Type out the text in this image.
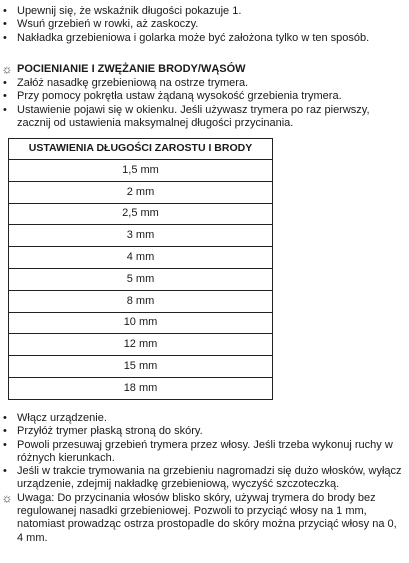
• Upewnij się, że wskaźnik długości pokazuje 1.
• Wsuń grzebień w rowki, aż zaskoczy.
• Nakładka grzebieniowa i golarka może być założona tylko w ten sposób.
☼ POCIENIANIE I ZWĘŻANIE BRODY/WĄSÓW
• Załóż nasadkę grzebieniową na ostrze trymera.
• Przy pomocy pokrętła ustaw żądaną wysokość grzebienia trymera.
• Ustawienie pojawi się w okienku. Jeśli używasz trymera po raz pierwszy, zacznij od ustawienia maksymalnej długości przycinania.
USTAWIENIA DŁUGOŚCI ZAROSTU I BRODY
1,5 mm
2 mm
2,5 mm
3 mm
4 mm
5 mm
8 mm
10 mm
12 mm
15 mm
18 mm
• Włącz urządzenie.
• Przyłóż trymer płaską stroną do skóry.
• Powoli przesuwaj grzebień trymera przez włosy. Jeśli trzeba wykonuj ruchy w różnych kierunkach.
• Jeśli w trakcie trymowania na grzebieniu nagromadzi się dużo włosków, wyłącz urządzenie, zdejmij nakładkę grzebieniową, wyczyść szczoteczką.
☼ Uwaga: Do przycinania włosów blisko skóry, używaj trymera do brody bez regulowanej nasadki grzebieniowej. Pozwoli to przyciąć włosy na 1 mm, natomiast prowadząc ostrza prostopadle do skóry można przyciąć włosy na 0, 4 mm.
